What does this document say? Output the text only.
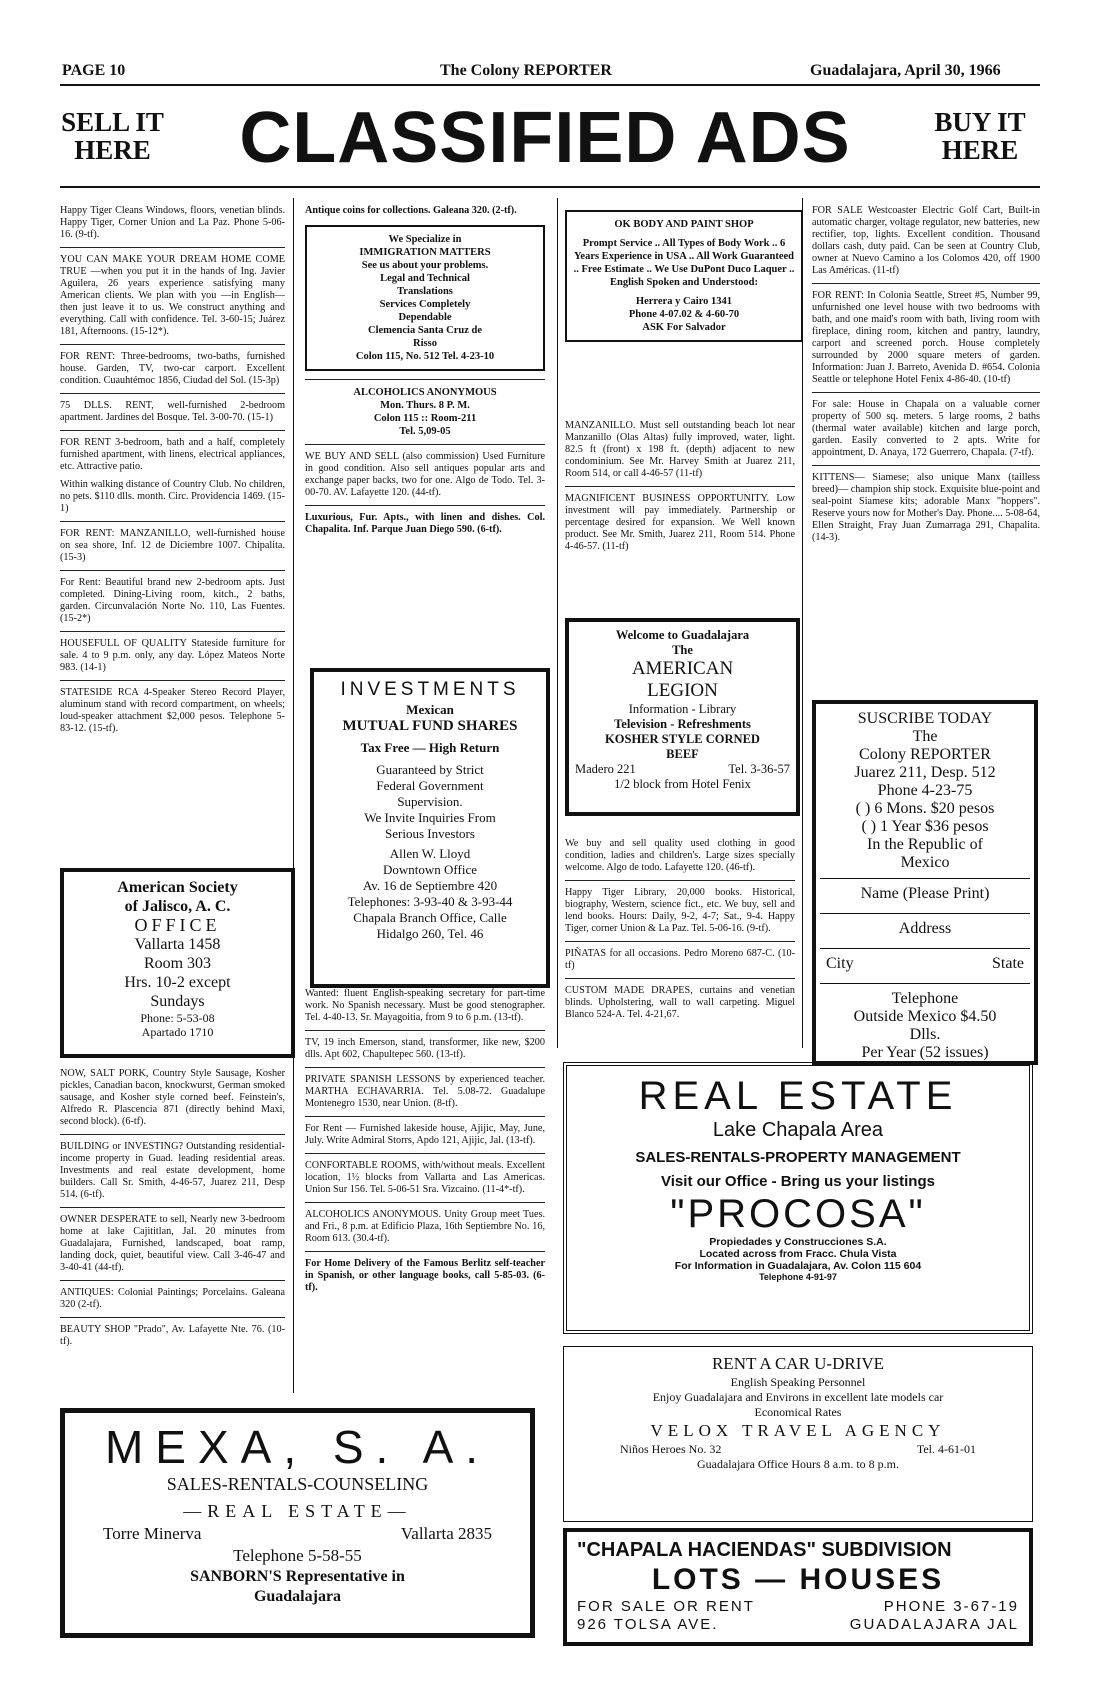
PAGE 10	The Colony REPORTER	Guadalajara, April 30, 1966
SELL IT
HERE CLASSIFIED ADS	BUY IT
HERE
Happy Tiger Cleans Windows, floors, venetian blinds. Happy Tiger, Corner Union and La Paz. Phone 5-06-16. (9-tf).
YOU CAN MAKE YOUR DREAM HOME COME TRUE —when you put it in the hands of Ing. Javier Aguilera, 26 years experience satisfying many American clients. We plan with you —in English— then just leave it to us. We construct anything and everything. Call with confidence. Tel. 3-60-15; Juárez 181, Afternoons. (15-12*).
FOR RENT: Three-bedrooms, two-baths, furnished house. Garden, TV, two-car carport. Excellent condition. Cuauhtémoc 1856, Ciudad del Sol. (15-3p)
75 DLLS. RENT, well-furnished 2-bedroom apartment. Jardines del Bosque. Tel. 3-00-70. (15-1)
FOR RENT 3-bedroom, bath and a half, completely furnished apartment, with linens, electrical appliances, etc. Attractive patio.
Within walking distance of Country Club. No children, no pets. $110 dlls. month. Circ. Providencia 1469. (15-1)
FOR RENT: MANZANILLO, well-furnished house on sea shore, Inf. 12 de Diciembre 1007. Chipalita. (15-3)
For Rent: Beautiful brand new 2-bedroom apts. Just completed. Dining-Living room, kitch., 2 baths, garden. Circunvalación Norte No. 110, Las Fuentes. (15-2*)
HOUSEFULL OF QUALITY Stateside furniture for sale. 4 to 9 p.m. only, any day. López Mateos Norte 983. (14-1)
STATESIDE RCA 4-Speaker Stereo Record Player, aluminum stand with record compartment, on wheels; loud-speaker attachment $2,000 pesos. Telephone 5-83-12. (15-tf).
American Society
of Jalisco, A. C.
OFFICE
Vallarta 1458
Room 303
Hrs. 10-2 except
Sundays
Phone: 5-53-08
Apartado 1710
NOW, SALT PORK, Country Style Sausage, Kosher pickles, Canadian bacon, knockwurst, German smoked sausage, and Kosher style corned beef. Feinstein's, Alfredo R. Plascencia 871 (directly behind Maxi, second block). (6-tf).
BUILDING or INVESTING? Outstanding residential-income property in Guad. leading residential areas. Investments and real estate development, home builders. Call Sr. Smith, 4-46-57, Juarez 211, Desp 514. (6-tf).
OWNER DESPERATE to sell, Nearly new 3-bedroom home at lake Cajititlan, Jal. 20 minutes from Guadalajara, Furnished, landscaped, boat ramp, landing dock, quiet, beautiful view. Call 3-46-47 and 3-40-41 (44-tf).
ANTIQUES: Colonial Paintings; Porcelains. Galeana 320 (2-tf).
BEAUTY SHOP "Prado", Av. Lafayette Nte. 76. (10-tf).
Antique coins for collections. Galeana 320. (2-tf).
We Specialize in
IMMIGRATION MATTERS
See us about your problems.
Legal and Technical
Translations
Services Completely
Dependable
Clemencia Santa Cruz de
Risso
Colon 115, No. 512 Tel. 4-23-10
ALCOHOLICS ANONYMOUS
Mon. Thurs. 8 P. M.
Colon 115 :: Room-211
Tel. 5,09-05
WE BUY AND SELL (also commission) Used Furniture in good condition. Also sell antiques popular arts and exchange paper backs, two for one. Algo de Todo. Tel. 3-00-70. AV. Lafayette 120. (44-tf).
Luxurious, Fur. Apts., with linen and dishes. Col. Chapalita. Inf. Parque Juan Diego 590. (6-tf).
INVESTMENTS
Mexican
MUTUAL FUND SHARES
Tax Free — High Return
Guaranteed by Strict
Federal Government
Supervision.
We Invite Inquiries From
Serious Investors
Allen W. Lloyd
Downtown Office
Av. 16 de Septiembre 420
Telephones: 3-93-40 & 3-93-44
Chapala Branch Office, Calle
Hidalgo 260, Tel. 46
Wanted: fluent English-speaking secretary for part-time work. No Spanish necessary. Must be good stenographer. Tel. 4-40-13. Sr. Mayagoitia, from 9 to 6 p.m. (13-tf).
TV, 19 inch Emerson, stand, transformer, like new, $200 dlls. Apt 602, Chapultepec 560. (13-tf).
PRIVATE SPANISH LESSONS by experienced teacher. MARTHA ECHAVARRIA. Tel. 5.08-72. Guadalupe Montenegro 1530, near Union. (8-tf).
For Rent — Furnished lakeside house, Ajijic, May, June, July. Write Admiral Storrs, Apdo 121, Ajijic, Jal. (13-tf).
CONFORTABLE ROOMS, with/without meals. Excellent location, 1½ blocks from Vallarta and Las Americas. Union Sur 156. Tel. 5-06-51 Sra. Vizcaino. (11-4*-tf).
ALCOHOLICS ANONYMOUS. Unity Group meet Tues. and Fri., 8 p.m. at Edificio Plaza, 16th Septiembre No. 16, Room 613. (30.4-tf).
For Home Delivery of the Famous Berlitz self-teacher in Spanish, or other language books, call 5-85-03. (6-tf).
OK BODY AND PAINT SHOP
Prompt Service .. All Types of Body Work .. 6 Years Experience in USA .. All Work Guaranteed .. Free Estimate .. We Use DuPont Duco Laquer .. English Spoken and Understood:
Herrera y Cairo 1341
Phone 4-07.02 & 4-60-70
ASK For Salvador
MANZANILLO. Must sell outstanding beach lot near Manzanillo (Olas Altas) fully improved, water, light. 82.5 ft (front) x 198 ft. (depth) adjacent to new condominium. See Mr. Harvey Smith at Juarez 211, Room 514, or call 4-46-57 (11-tf)
MAGNIFICENT BUSINESS OPPORTUNITY. Low investment will pay immediately. Partnership or percentage desired for expansion. We Well known product. See Mr. Smith, Juarez 211, Room 514. Phone 4-46-57. (11-tf)
Welcome to Guadalajara
The
AMERICAN
LEGION
Information - Library
Television - Refreshments
KOSHER STYLE CORNED
BEEF
Madero 221	Tel. 3-36-57
1/2 block from Hotel Fenix
We buy and sell quality used clothing in good condition, ladies and children's. Large sizes specially welcome. Algo de todo. Lafayette 120. (46-tf).
Happy Tiger Library, 20,000 books. Historical, biography, Western, science fict., etc. We buy, sell and lend books. Hours: Daily, 9-2, 4-7; Sat., 9-4. Happy Tiger, corner Union & La Paz. Tel. 5-06-16. (9-tf).
PIÑATAS for all occasions. Pedro Moreno 687-C. (10-tf)
CUSTOM MADE DRAPES, curtains and venetian blinds. Upholstering, wall to wall carpeting. Miguel Blanco 524-A. Tel. 4-21,67.
FOR SALE Westcoaster Electric Golf Cart, Built-in automatic charger, voltage regulator, new batteries, new rectifier, top, lights. Excellent condition. Thousand dollars cash, duty paid. Can be seen at Country Club, owner at Nuevo Camino a los Colomos 420, off 1900 Las Américas. (11-tf)
FOR RENT: In Colonia Seattle, Street #5, Number 99, unfurnished one level house with two bedrooms with bath, and one maid's room with bath, living room with fireplace, dining room, kitchen and pantry, laundry, carport and screened porch. House completely surrounded by 2000 square meters of garden. Information: Juan J. Barreto, Avenida D. #654. Colonia Seattle or telephone Hotel Fenix 4-86-40. (10-tf)
For sale: House in Chapala on a valuable corner property of 500 sq. meters. 5 large rooms, 2 baths (thermal water available) kitchen and large porch, garden. Easily converted to 2 apts. Write for appointment, D. Anaya, 172 Guerrero, Chapala. (7-tf).
KITTENS— Siamese; also unique Manx (tailless breed)— champion ship stock. Exquisite blue-point and seal-point Siamese kits; adorable Manx "hoppers". Reserve yours now for Mother's Day. Phone.... 5-08-64, Ellen Straight, Fray Juan Zumarraga 291, Chapalita. (14-3).
SUSCRIBE TODAY
The
Colony REPORTER
Juarez 211, Desp. 512
Phone 4-23-75
( ) 6 Mons. $20 pesos
( ) 1 Year $36 pesos
In the Republic of
Mexico
Name (Please Print)
Address
City	State
Telephone
Outside Mexico $4.50
Dlls.
Per Year (52 issues)
REAL ESTATE
Lake Chapala Area
SALES-RENTALS-PROPERTY MANAGEMENT
Visit our Office - Bring us your listings
"PROCOSA"
Propiedades y Construcciones S.A.
Located across from Fracc. Chula Vista
For Information in Guadalajara, Av. Colon 115 604
Telephone 4-91-97
RENT A CAR U-DRIVE
English Speaking Personnel
Enjoy Guadalajara and Environs in excellent late models car
Economical Rates
VELOX TRAVEL AGENCY
Niños Heroes No. 32	Tel. 4-61-01
Guadalajara Office Hours 8 a.m. to 8 p.m.
"CHAPALA HACIENDAS" SUBDIVISION
LOTS — HOUSES
FOR SALE OR RENT	PHONE 3-67-19
926 TOLSA AVE.	GUADALAJARA JAL
MEXA, S. A.
SALES-RENTALS-COUNSELING
—REAL ESTATE—
Torre Minerva	Vallarta 2835
Telephone 5-58-55
SANBORN'S Representative in
Guadalajara
